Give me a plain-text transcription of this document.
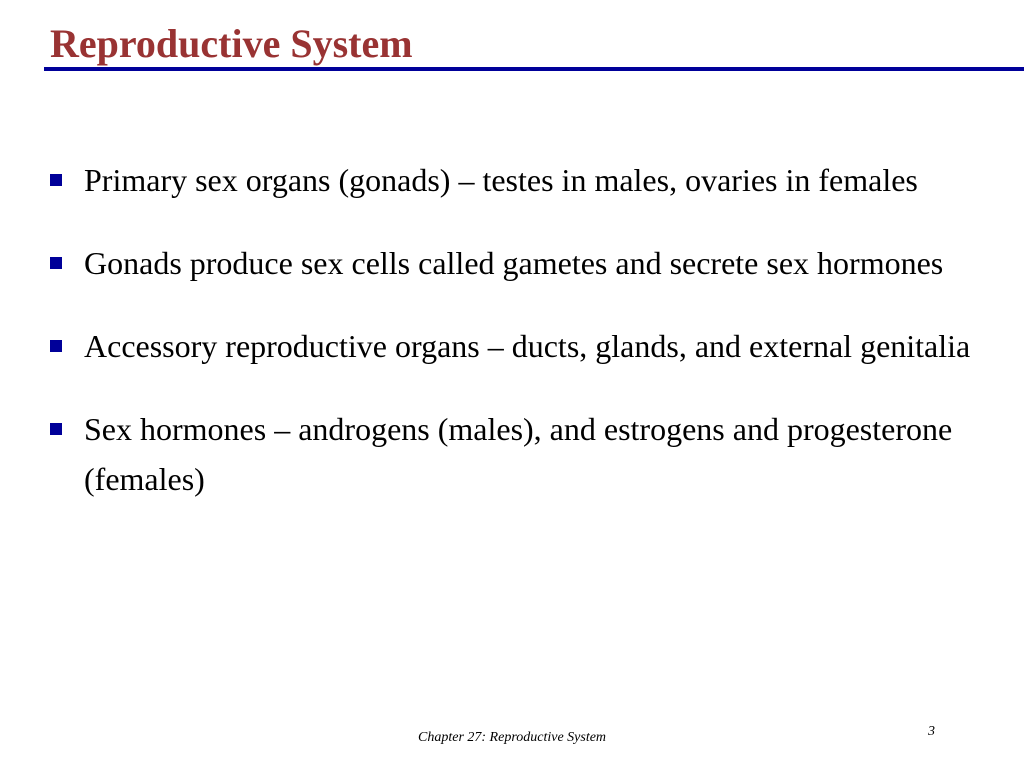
Reproductive System
Primary sex organs (gonads) – testes in males, ovaries in females
Gonads produce sex cells called gametes and secrete sex hormones
Accessory reproductive organs – ducts, glands, and external genitalia
Sex hormones – androgens (males), and estrogens and progesterone (females)
Chapter 27: Reproductive System	3
